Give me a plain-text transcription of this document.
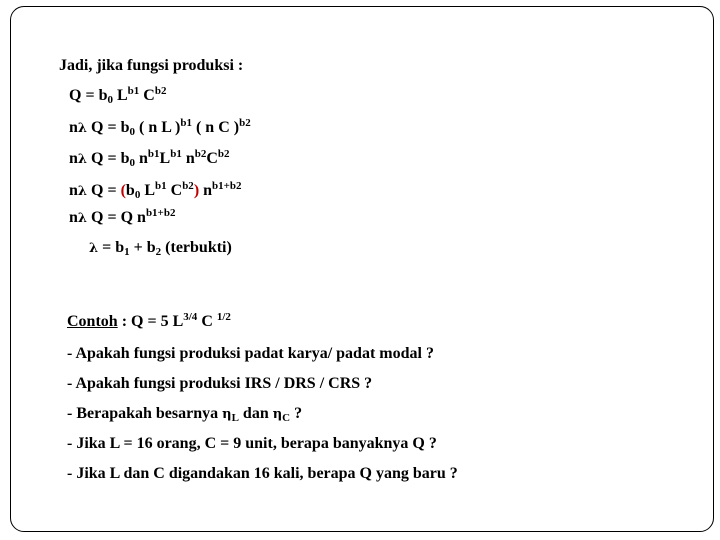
Jadi, jika fungsi produksi :
$Q = b_0$ $L^{b1}$ $C^{b2}$
nλ $Q = b_0$ ( n L )$^{b1}$ ( n C )$^{b2}$
nλ $Q = b_0$ $n^{b1}L^{b1}$ $n^{b2}C^{b2}$
nλ $Q = (b_0$ $L^{b1}$ $C^{b2}$) $n^{b1+b2}$
nλ Q = Q $n^{b1+b2}$
$\lambda = b_1 + b_2$ (terbukti)
Contoh : Q = 5 $L^{3/4}$ C $^{1/2}$
- Apakah fungsi produksi padat karya/ padat modal ?
- Apakah fungsi produksi IRS / DRS / CRS ?
- Berapakah besarnya $\eta_L$ dan $\eta_C$ ?
- Jika L = 16 orang, C = 9 unit, berapa banyaknya Q ?
- Jika L dan C digandakan 16 kali, berapa Q yang baru ?
